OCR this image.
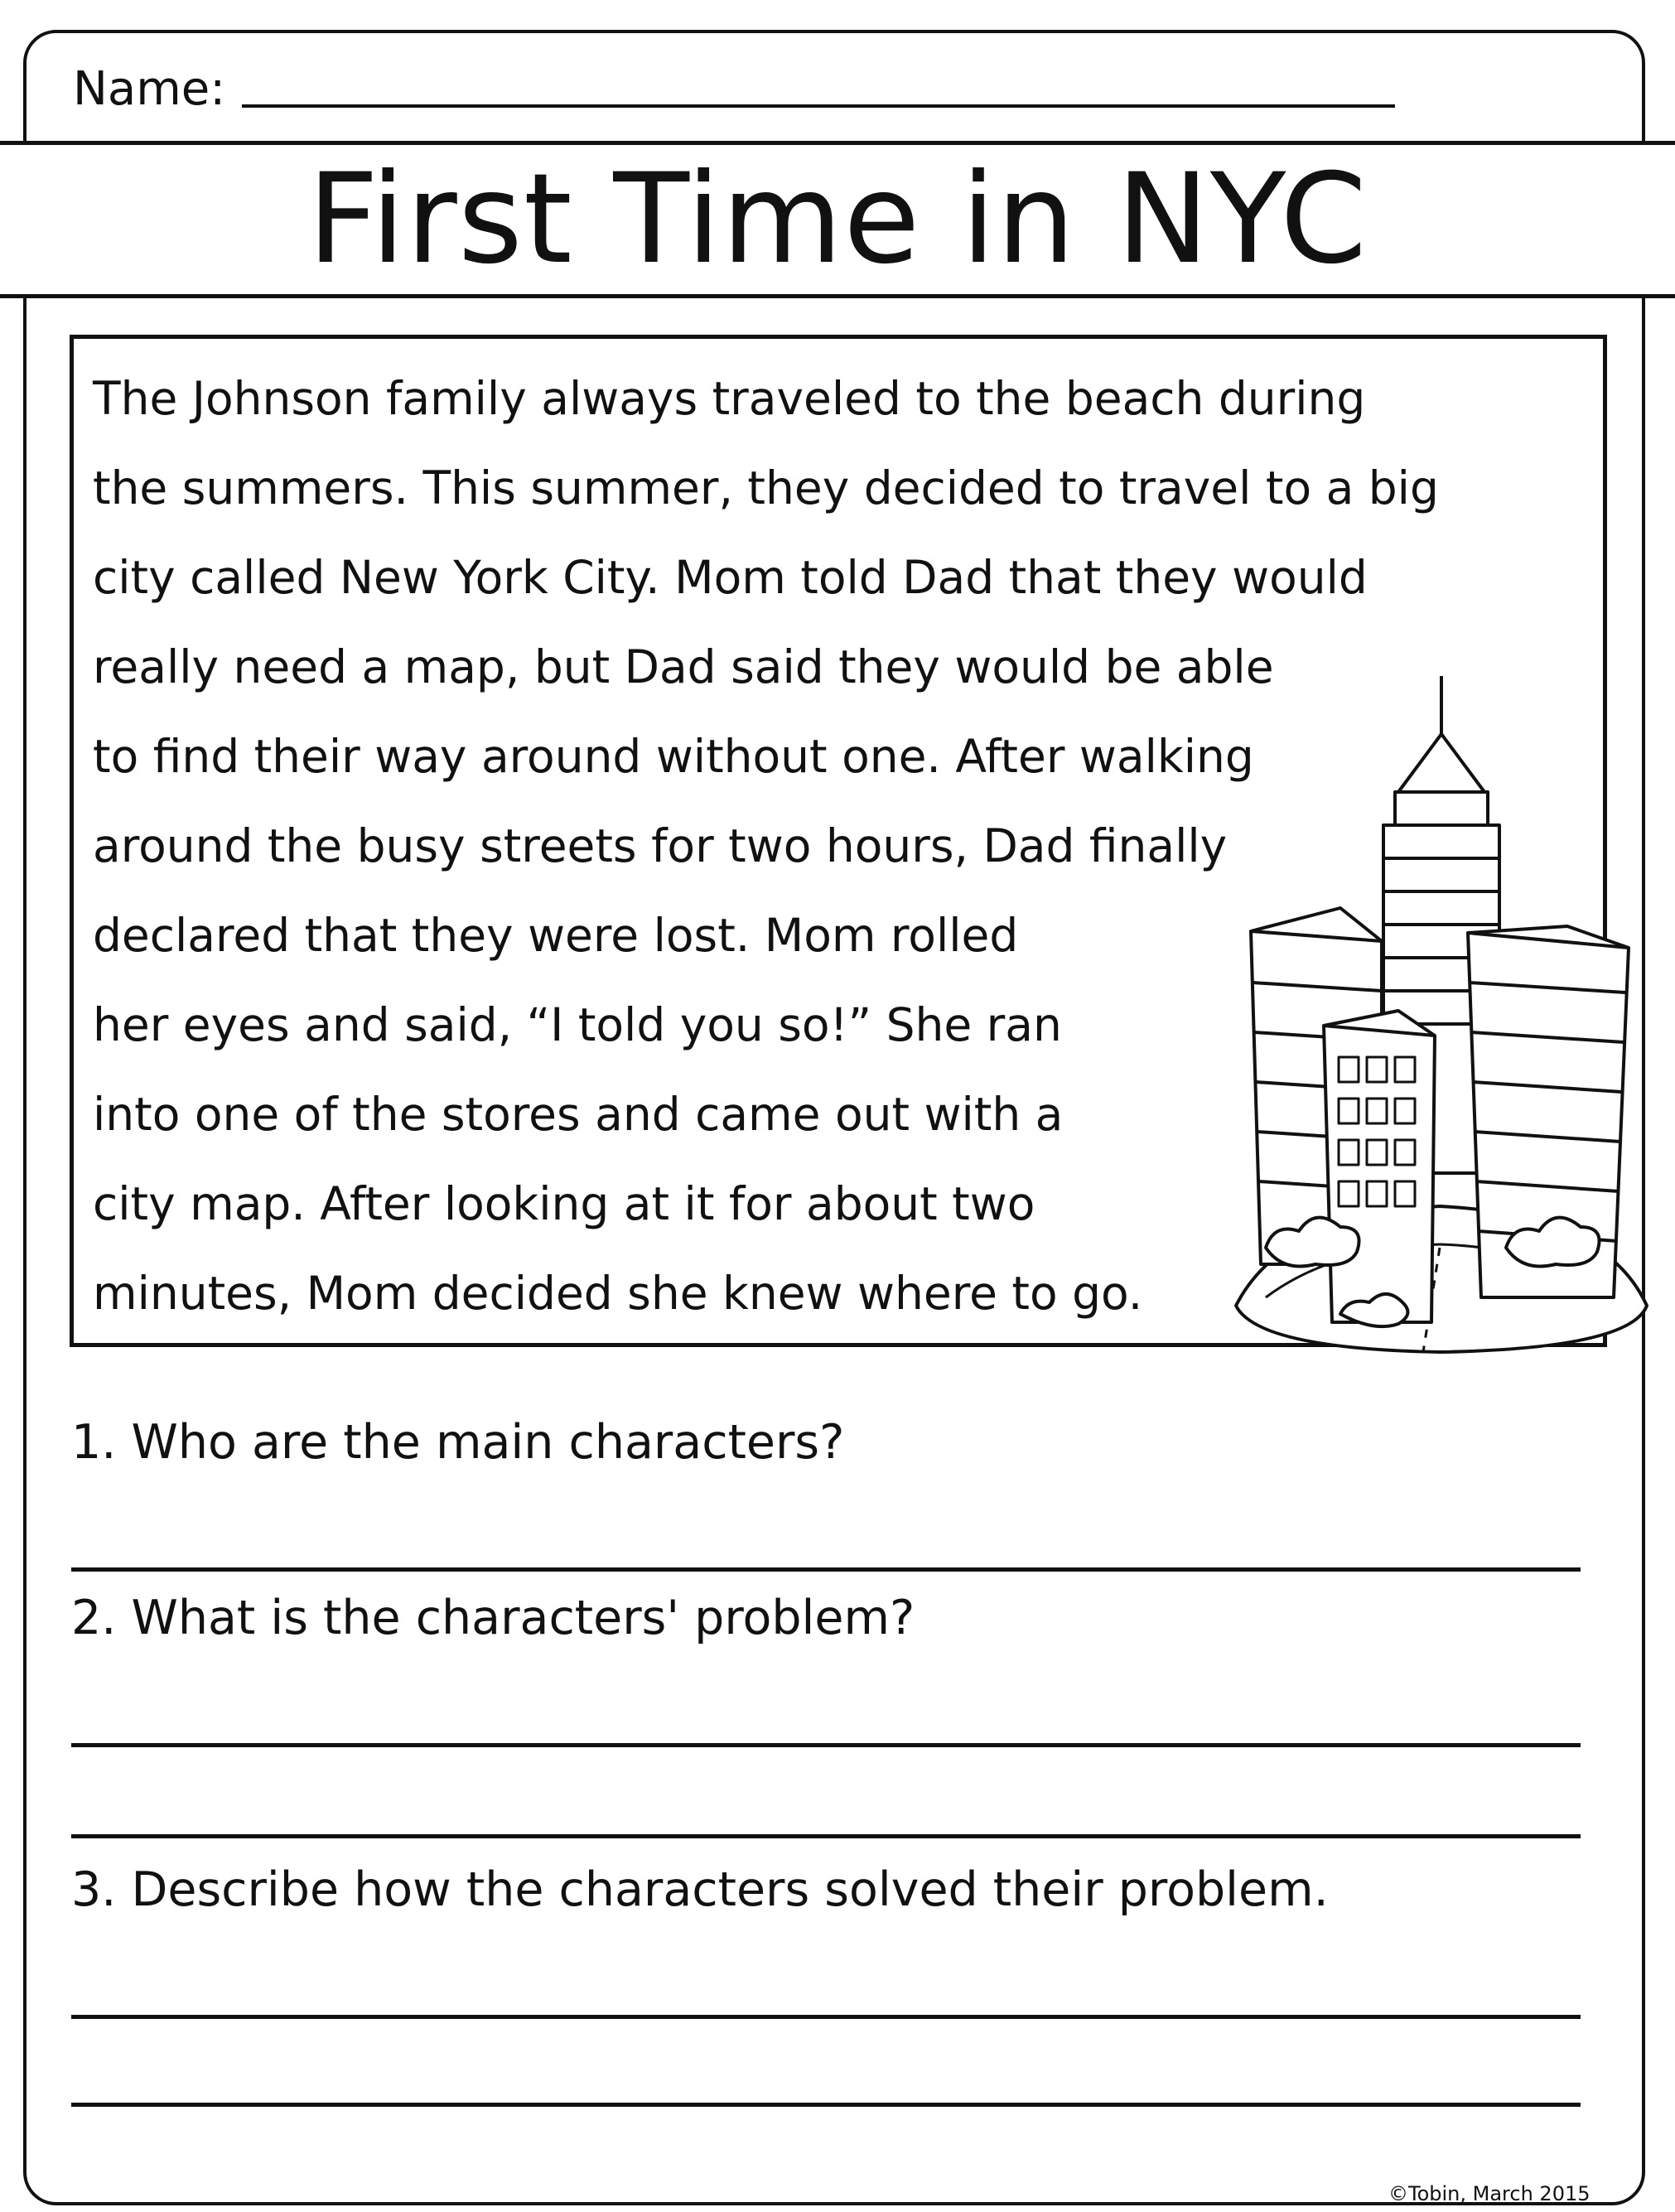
Name:
First Time in NYC
The Johnson family always traveled to the beach during
the summers. This summer, they decided to travel to a big
city called New York City. Mom told Dad that they would
really need a map, but Dad said they would be able
to find their way around without one. After walking
around the busy streets for two hours, Dad finally
declared that they were lost. Mom rolled
her eyes and said, “I told you so!” She ran
into one of the stores and came out with a
city map. After looking at it for about two
minutes, Mom decided she knew where to go.
1. Who are the main characters?
2. What is the characters' problem?
3. Describe how the characters solved their problem.
©Tobin, March 2015
